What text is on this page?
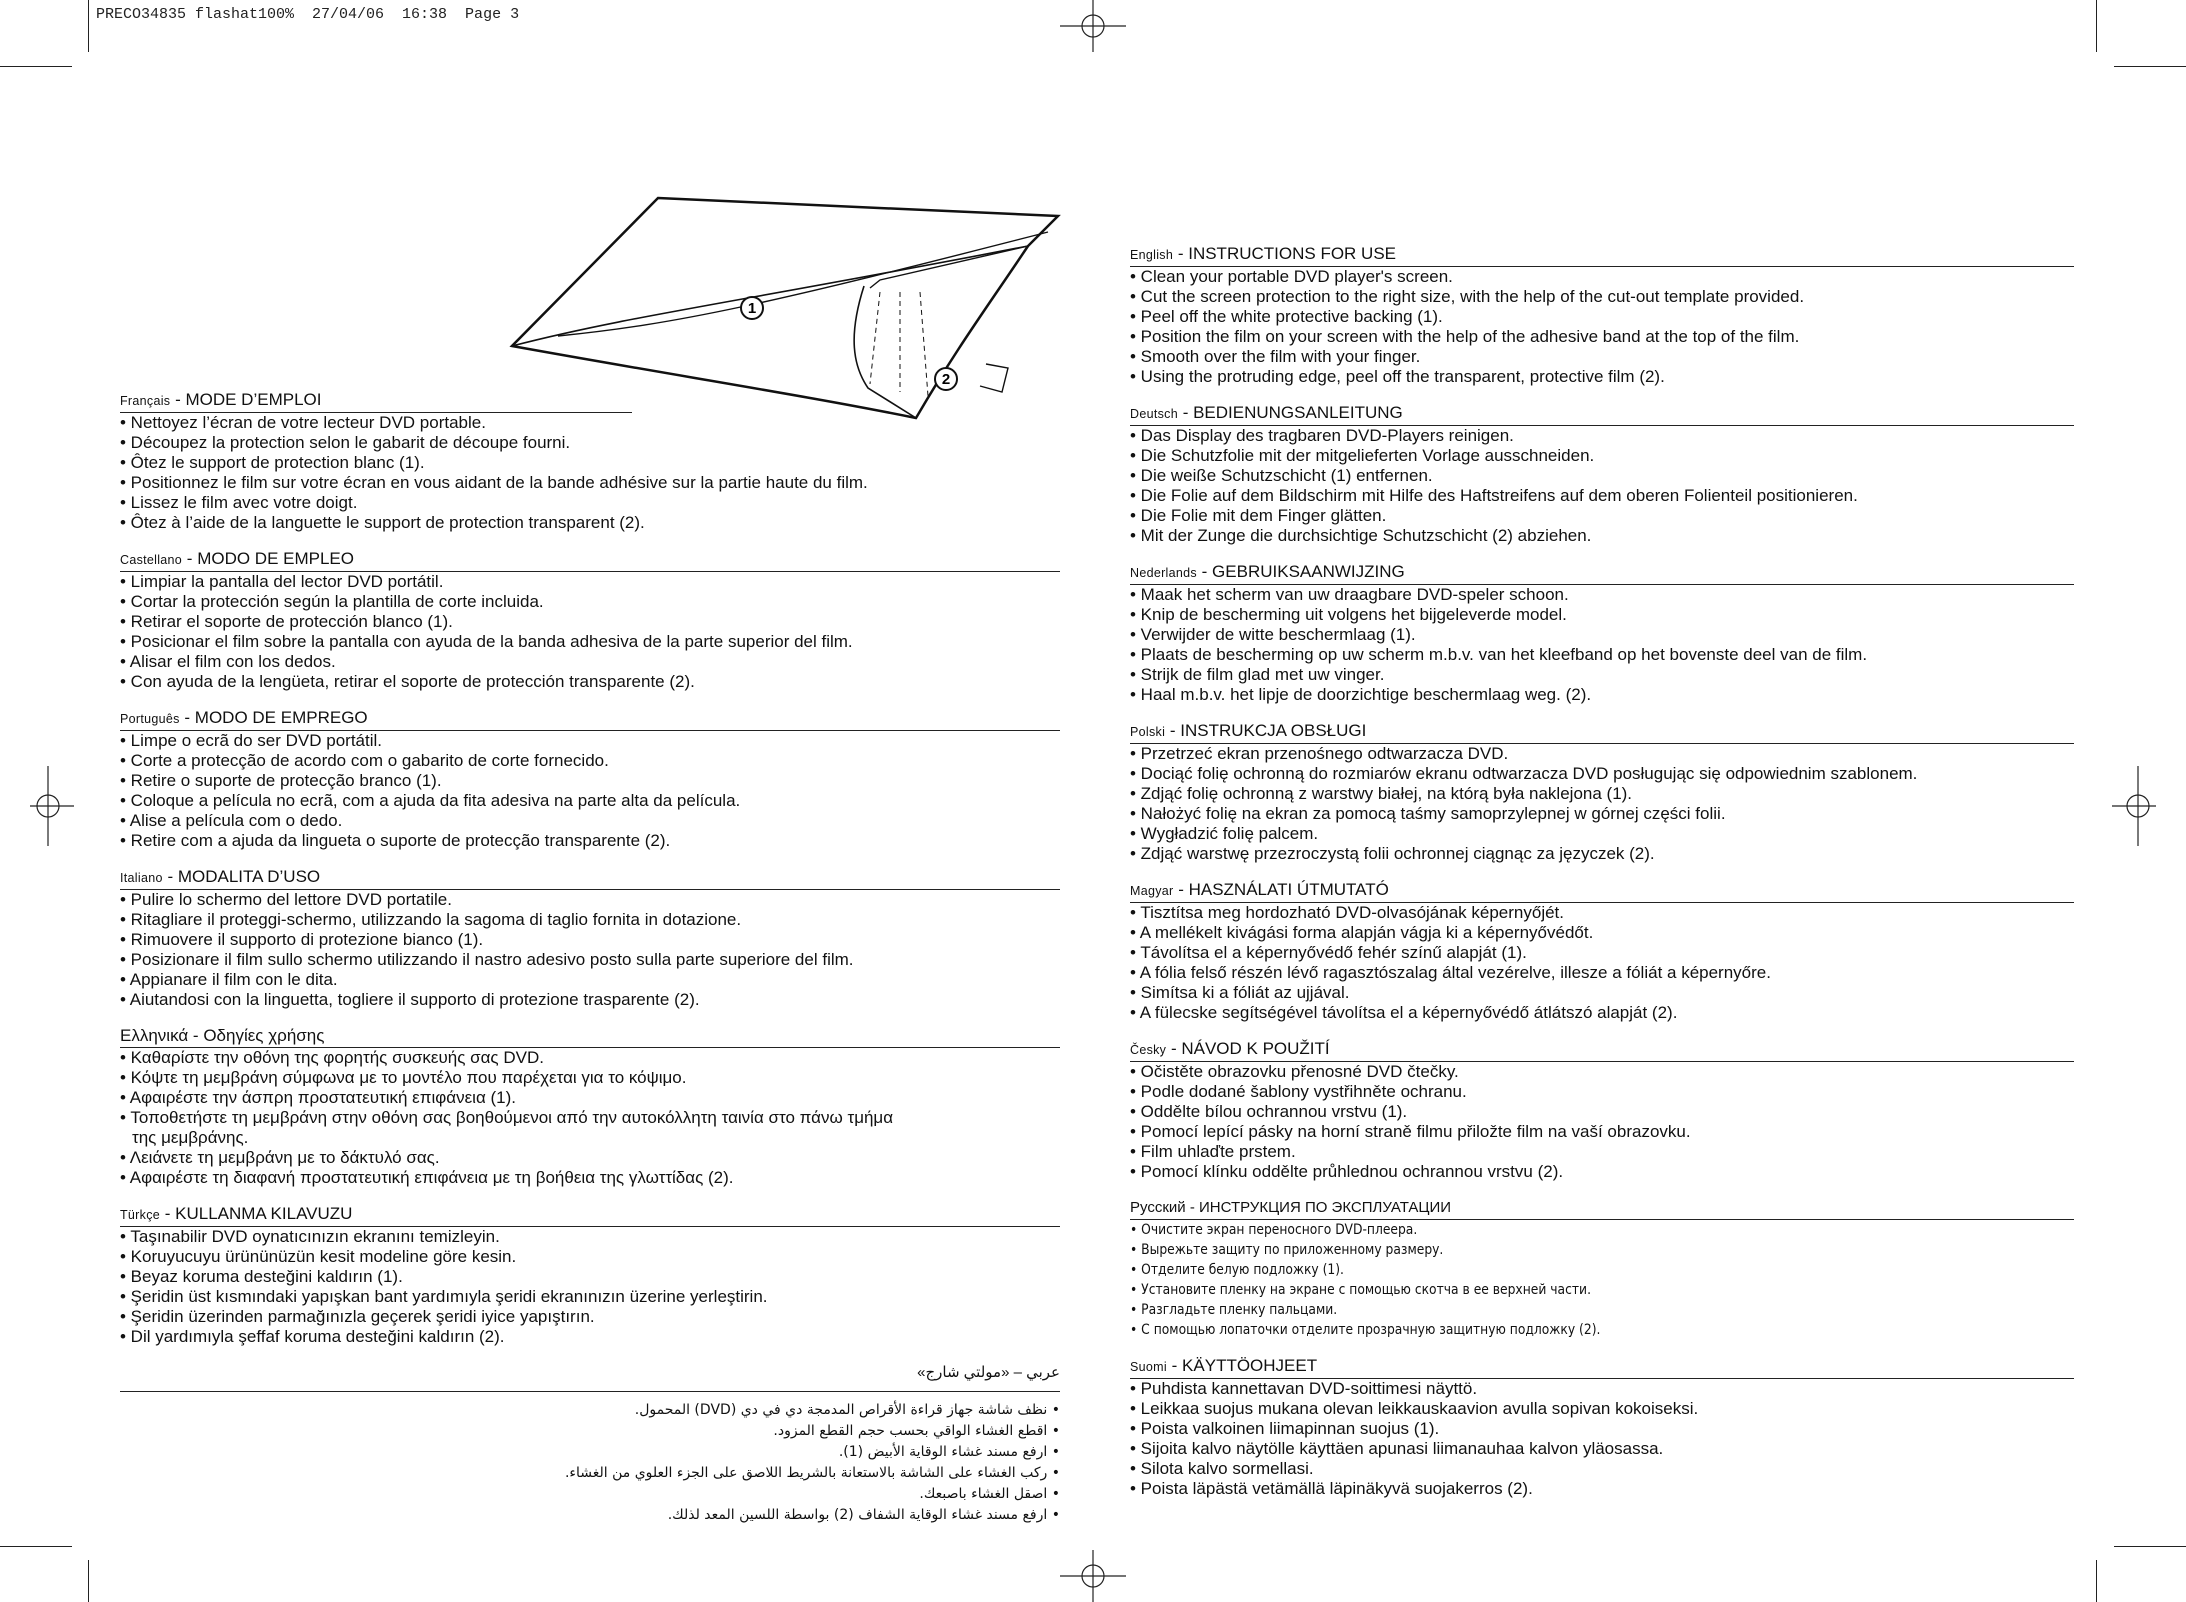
PRECO34835 flashat100%  27/04/06  16:38  Page 3
1
2
Français - MODE D’EMPLOI
• Nettoyez l’écran de votre lecteur DVD portable.
• Découpez la protection selon le gabarit de découpe fourni.
• Ôtez le support de protection blanc (1).
• Positionnez le film sur votre écran en vous aidant de la bande adhésive sur la partie haute du film.
• Lissez le film avec votre doigt.
• Ôtez à l’aide de la languette le support de protection transparent (2).
Castellano - MODO DE EMPLEO
• Limpiar la pantalla del lector DVD portátil.
• Cortar la protección según la plantilla de corte incluida.
• Retirar el soporte de protección blanco (1).
• Posicionar el film sobre la pantalla con ayuda de la banda adhesiva de la parte superior del film.
• Alisar el film con los dedos.
• Con ayuda de la lengüeta, retirar el soporte de protección transparente (2).
Português - MODO DE EMPREGO
• Limpe o ecrã do ser DVD portátil.
• Corte a protecção de acordo com o gabarito de corte fornecido.
• Retire o suporte de protecção branco (1).
• Coloque a película no ecrã, com a ajuda da fita adesiva na parte alta da película.
• Alise a película com o dedo.
• Retire com a ajuda da lingueta o suporte de protecção transparente (2).
Italiano - MODALITA D’USO
• Pulire lo schermo del lettore DVD portatile.
• Ritagliare il proteggi-schermo, utilizzando la sagoma di taglio fornita in dotazione.
• Rimuovere il supporto di protezione bianco (1).
• Posizionare il film sullo schermo utilizzando il nastro adesivo posto sulla parte superiore del film.
• Appianare il film con le dita.
• Aiutandosi con la linguetta, togliere il supporto di protezione trasparente (2).
Ελληνικά - Οδηγίες χρήσης
• Καθαρίστε την οθόνη της φορητής συσκευής σας DVD.
• Κόψτε τη μεμβράνη σύμφωνα με το μοντέλο που παρέχεται για το κόψιμο.
• Αφαιρέστε την άσπρη προστατευτική επιφάνεια (1).
• Τοποθετήστε τη μεμβράνη στην οθόνη σας βοηθούμενοι από την αυτοκόλλητη ταινία στο πάνω τμήμα
της μεμβράνης.
• Λειάνετε τη μεμβράνη με το δάκτυλό σας.
• Αφαιρέστε τη διαφανή προστατευτική επιφάνεια με τη βοήθεια της γλωττίδας (2).
Türkçe - KULLANMA KILAVUZU
• Taşınabilir DVD oynatıcınızın ekranını temizleyin.
• Koruyucuyu ürününüzün kesit modeline göre kesin.
• Beyaz koruma desteğini kaldırın (1).
• Şeridin üst kısmındaki yapışkan bant yardımıyla şeridi ekranınızın üzerine yerleştirin.
• Şeridin üzerinden parmağınızla geçerek şeridi iyice yapıştırın.
• Dil yardımıyla şeffaf koruma desteğini kaldırın (2).
عربي – «مولتي شارج»
• نظف شاشة جهاز قراءة الأقراص المدمجة دي في دي (DVD) المحمول.
• اقطع الغشاء الواقي بحسب حجم القطع المزود.
• ارفع مسند غشاء الوقاية الأبيض (1).
• ركب الغشاء على الشاشة بالاستعانة بالشريط اللاصق على الجزء العلوي من الغشاء.
• اصقل الغشاء باصبعك.
• ارفع مسند غشاء الوقاية الشفاف (2) بواسطة اللسين المعد لذلك.
English - INSTRUCTIONS FOR USE
• Clean your portable DVD player's screen.
• Cut the screen protection to the right size, with the help of the cut-out template provided.
• Peel off the white protective backing (1).
• Position the film on your screen with the help of the adhesive band at the top of the film.
• Smooth over the film with your finger.
• Using the protruding edge, peel off the transparent, protective film (2).
Deutsch - BEDIENUNGSANLEITUNG
• Das Display des tragbaren DVD-Players reinigen.
• Die Schutzfolie mit der mitgelieferten Vorlage ausschneiden.
• Die weiße Schutzschicht (1) entfernen.
• Die Folie auf dem Bildschirm mit Hilfe des Haftstreifens auf dem oberen Folienteil positionieren.
• Die Folie mit dem Finger glätten.
• Mit der Zunge die durchsichtige Schutzschicht (2) abziehen.
Nederlands - GEBRUIKSAANWIJZING
• Maak het scherm van uw draagbare DVD-speler schoon.
• Knip de bescherming uit volgens het bijgeleverde model.
• Verwijder de witte beschermlaag (1).
• Plaats de bescherming op uw scherm m.b.v. van het kleefband op het bovenste deel van de film.
• Strijk de film glad met uw vinger.
• Haal m.b.v. het lipje de doorzichtige beschermlaag weg. (2).
Polski - INSTRUKCJA OBSŁUGI
• Przetrzeć ekran przenośnego odtwarzacza DVD.
• Dociąć folię ochronną do rozmiarów ekranu odtwarzacza DVD posługując się odpowiednim szablonem.
• Zdjąć folię ochronną z warstwy białej, na którą była naklejona (1).
• Nałożyć folię na ekran za pomocą taśmy samoprzylepnej w górnej części folii.
• Wygładzić folię palcem.
• Zdjąć warstwę przezroczystą folii ochronnej ciągnąc za języczek (2).
Magyar - HASZNÁLATI ÚTMUTATÓ
• Tisztítsa meg hordozható DVD-olvasójának képernyőjét.
• A mellékelt kivágási forma alapján vágja ki a képernyővédőt.
• Távolítsa el a képernyővédő fehér színű alapját (1).
• A fólia felső részén lévő ragasztószalag által vezérelve, illesze a fóliát a képernyőre.
• Simítsa ki a fóliát az ujjával.
• A fülecske segítségével távolítsa el a képernyővédő átlátszó alapját (2).
Česky - NÁVOD K POUŽITÍ
• Očistěte obrazovku přenosné DVD čtečky.
• Podle dodané šablony vystřihněte ochranu.
• Oddělte bílou ochrannou vrstvu (1).
• Pomocí lepící pásky na horní straně filmu přiložte film na vaší obrazovku.
• Film uhlaďte prstem.
• Pomocí klínku oddělte průhlednou ochrannou vrstvu (2).
Русский - ИНСТРУКЦИЯ ПО ЭКСПЛУАТАЦИИ
• Очистите экран переносного DVD-плеера.
• Вырежьте защиту по приложенному размеру.
• Отделите белую подложку (1).
• Установите пленку на экране с помощью скотча в ее верхней части.
• Разгладьте пленку пальцами.
• С помощью лопаточки отделите прозрачную защитную подложку (2).
Suomi - KÄYTTÖOHJEET
• Puhdista kannettavan DVD-soittimesi näyttö.
• Leikkaa suojus mukana olevan leikkauskaavion avulla sopivan kokoiseksi.
• Poista valkoinen liimapinnan suojus (1).
• Sijoita kalvo näytölle käyttäen apunasi liimanauhaa kalvon yläosassa.
• Silota kalvo sormellasi.
• Poista läpästä vetämällä läpinäkyvä suojakerros (2).
